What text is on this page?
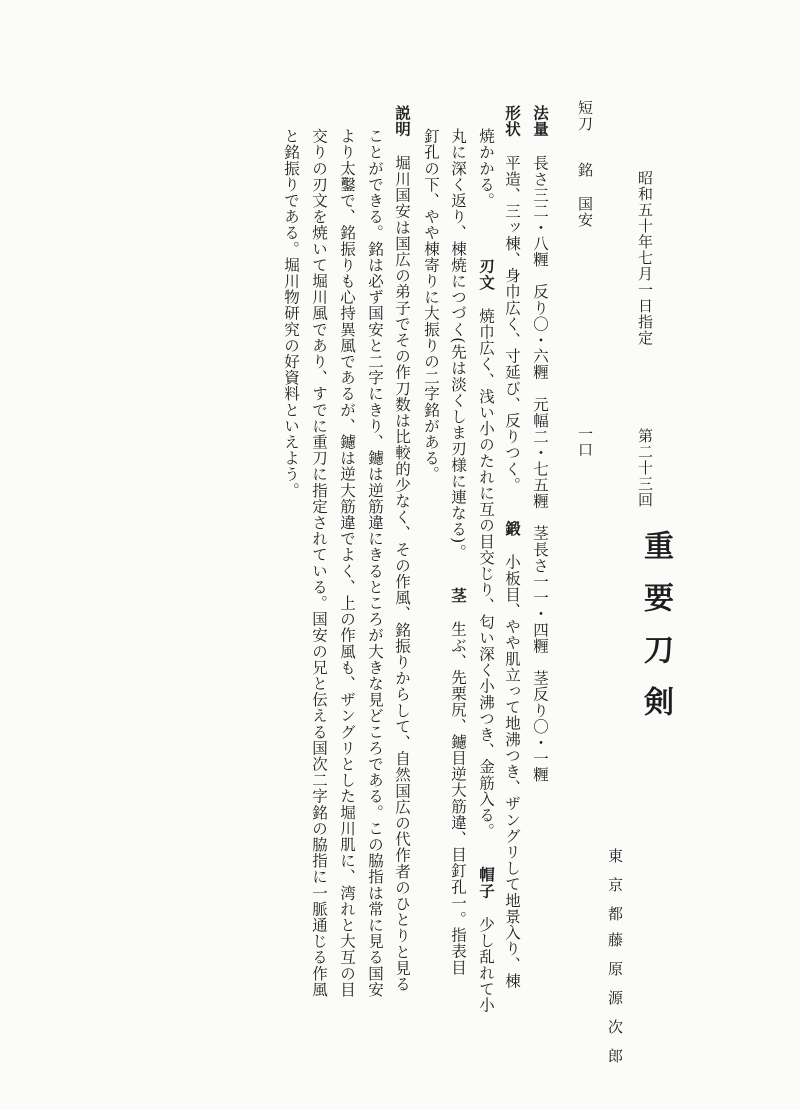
重要刀剣
第二十三回
昭和五十年七月一日指定
東京都
藤原源次郎
短刀 銘 国安
一口
法量 長さ三二・八糎　反り〇・六糎　元幅二・七五糎　茎長さ一一・四糎　茎反り〇・一糎
形状 平造、三ッ棟、身巾広く、寸延び、反りつく。 鍛 小板目、やや肌立って地沸つき、ザングリして地景入り、棟
焼かかる。 刃文 焼巾広く、浅い小のたれに互の目交じり、匂い深く小沸つき、金筋入る。 帽子 少し乱れて小
丸に深く返り、棟焼につづく(先は淡くしま刃様に連なる)。 茎 生ぶ、先栗尻、鑢目逆大筋違、目釘孔一。指表目
釘孔の下、やや棟寄りに大振りの二字銘がある。
説明 堀川国安は国広の弟子でその作刀数は比較的少なく、その作風、銘振りからして、自然国広の代作者のひとりと見る
ことができる。銘は必ず国安と二字にきり、鑢は逆筋違にきるところが大きな見どころである。この脇指は常に見る国安
より太鑿で、銘振りも心持異風であるが、鑢は逆大筋違でよく、上の作風も、ザングリとした堀川肌に、湾れと大互の目
交りの刃文を焼いて堀川風であり、すでに重刀に指定されている。国安の兄と伝える国次二字銘の脇指に一脈通じる作風
と銘振りである。堀川物研究の好資料といえよう。
